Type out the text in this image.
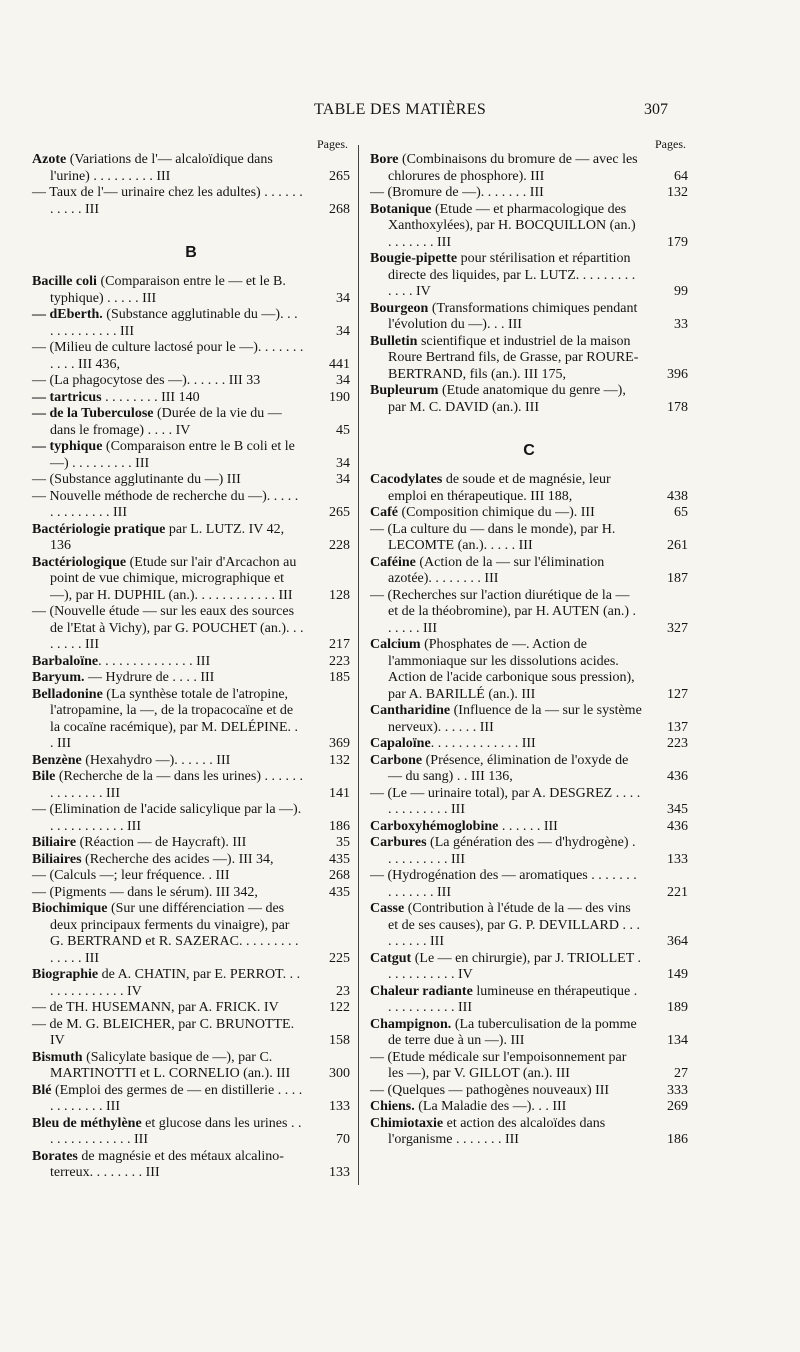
TABLE DES MATIÈRES	307
Pages.
Azote (Variations de l'— alcaloïdique dans l'urine) . . . . . . . . . III	265
— Taux de l'— urinaire chez les adultes) . . . . . . . . . . . III	268
B
Bacille coli (Comparaison entre le — et le B. typhique) . . . . . III	34
— dEberth. (Substance agglutinable du —). . . . . . . . . . . . . III	34
— (Milieu de culture lactosé pour le —). . . . . . . . . . . III 436,	441
— (La phagocytose des —). . . . . . III 33	34
— tartricus . . . . . . . . III 140	190
— de la Tuberculose (Durée de la vie du — dans le fromage) . . . . IV	45
— typhique (Comparaison entre le B coli et le —) . . . . . . . . . III	34
— (Substance agglutinante du —) III	34
— Nouvelle méthode de recherche du —). . . . . . . . . . . . . . III	265
Bactériologie pratique par L. LUTZ. IV 42, 136	228
Bactériologique (Etude sur l'air d'Arcachon au point de vue chimique, micrographique et —), par H. DUPHIL (an.). . . . . . . . . . . . III	128
— (Nouvelle étude — sur les eaux des sources de l'Etat à Vichy), par G. POUCHET (an.). . . . . . . . III	217
Barbaloïne. . . . . . . . . . . . . . III	223
Baryum. — Hydrure de . . . . III	185
Belladonine (La synthèse totale de l'atropine, l'atropamine, la —, de la tropacocaïne et de la cocaïne racémique), par M. DELÉPINE. . . III	369
Benzène (Hexahydro —). . . . . . III	132
Bile (Recherche de la — dans les urines) . . . . . . . . . . . . . . III	141
— (Elimination de l'acide salicylique par la —). . . . . . . . . . . . III	186
Biliaire (Réaction — de Haycraft). III	35
Biliaires (Recherche des acides —). III 34,	435
— (Calculs —; leur fréquence. . III	268
— (Pigments — dans le sérum). III 342,	435
Biochimique (Sur une différenciation — des deux principaux ferments du vinaigre), par G. BERTRAND et R. SAZERAC. . . . . . . . . . . . . . III	225
Biographie de A. CHATIN, par E. PERROT. . . . . . . . . . . . . . IV	23
— de TH. HUSEMANN, par A. FRICK. IV	122
— de M. G. BLEICHER, par C. BRUNOTTE. IV	158
Bismuth (Salicylate basique de —), par C. MARTINOTTI et L. CORNELIO (an.). III	300
Blé (Emploi des germes de — en distillerie . . . . . . . . . . . . III	133
Bleu de méthylène et glucose dans les urines . . . . . . . . . . . . . . III	70
Borates de magnésie et des métaux alcalino-terreux. . . . . . . . III	133
Pages.
Bore (Combinaisons du bromure de — avec les chlorures de phosphore). III	64
— (Bromure de —). . . . . . . III	132
Botanique (Etude — et pharmacologique des Xanthoxylées), par H. BOCQUILLON (an.) . . . . . . . III	179
Bougie-pipette pour stérilisation et répartition directe des liquides, par L. LUTZ. . . . . . . . . . . . . IV	99
Bourgeon (Transformations chimiques pendant l'évolution du —). . . III	33
Bulletin scientifique et industriel de la maison Roure Bertrand fils, de Grasse, par ROURE-BERTRAND, fils (an.). III 175,	396
Bupleurum (Etude anatomique du genre —), par M. C. DAVID (an.). III	178
C
Cacodylates de soude et de magnésie, leur emploi en thérapeutique. III 188,	438
Café (Composition chimique du —). III	65
— (La culture du — dans le monde), par H. LECOMTE (an.). . . . . III	261
Caféine (Action de la — sur l'élimination azotée). . . . . . . . III	187
— (Recherches sur l'action diurétique de la — et de la théobromine), par H. AUTEN (an.) . . . . . . III	327
Calcium (Phosphates de —. Action de l'ammoniaque sur les dissolutions acides. Action de l'acide carbonique sous pression), par A. BARILLÉ (an.). III	127
Cantharidine (Influence de la — sur le système nerveux). . . . . . III	137
Capaloïne. . . . . . . . . . . . . III	223
Carbone (Présence, élimination de l'oxyde de — du sang) . . III 136,	436
— (Le — urinaire total), par A. DESGREZ . . . . . . . . . . . . . III	345
Carboxyhémoglobine . . . . . . III	436
Carbures (La génération des — d'hydrogène) . . . . . . . . . . III	133
— (Hydrogénation des — aromatiques . . . . . . . . . . . . . . III	221
Casse (Contribution à l'étude de la — des vins et de ses causes), par G. P. DEVILLARD . . . . . . . . . III	364
Catgut (Le — en chirurgie), par J. TRIOLLET . . . . . . . . . . . IV	149
Chaleur radiante lumineuse en thérapeutique . . . . . . . . . . . III	189
Champignon. (La tuberculisation de la pomme de terre due à un —). III	134
— (Etude médicale sur l'empoisonnement par les —), par V. GILLOT (an.). III	27
— (Quelques — pathogènes nouveaux) III	333
Chiens. (La Maladie des —). . . III	269
Chimiotaxie et action des alcaloïdes dans l'organisme . . . . . . . III	186
